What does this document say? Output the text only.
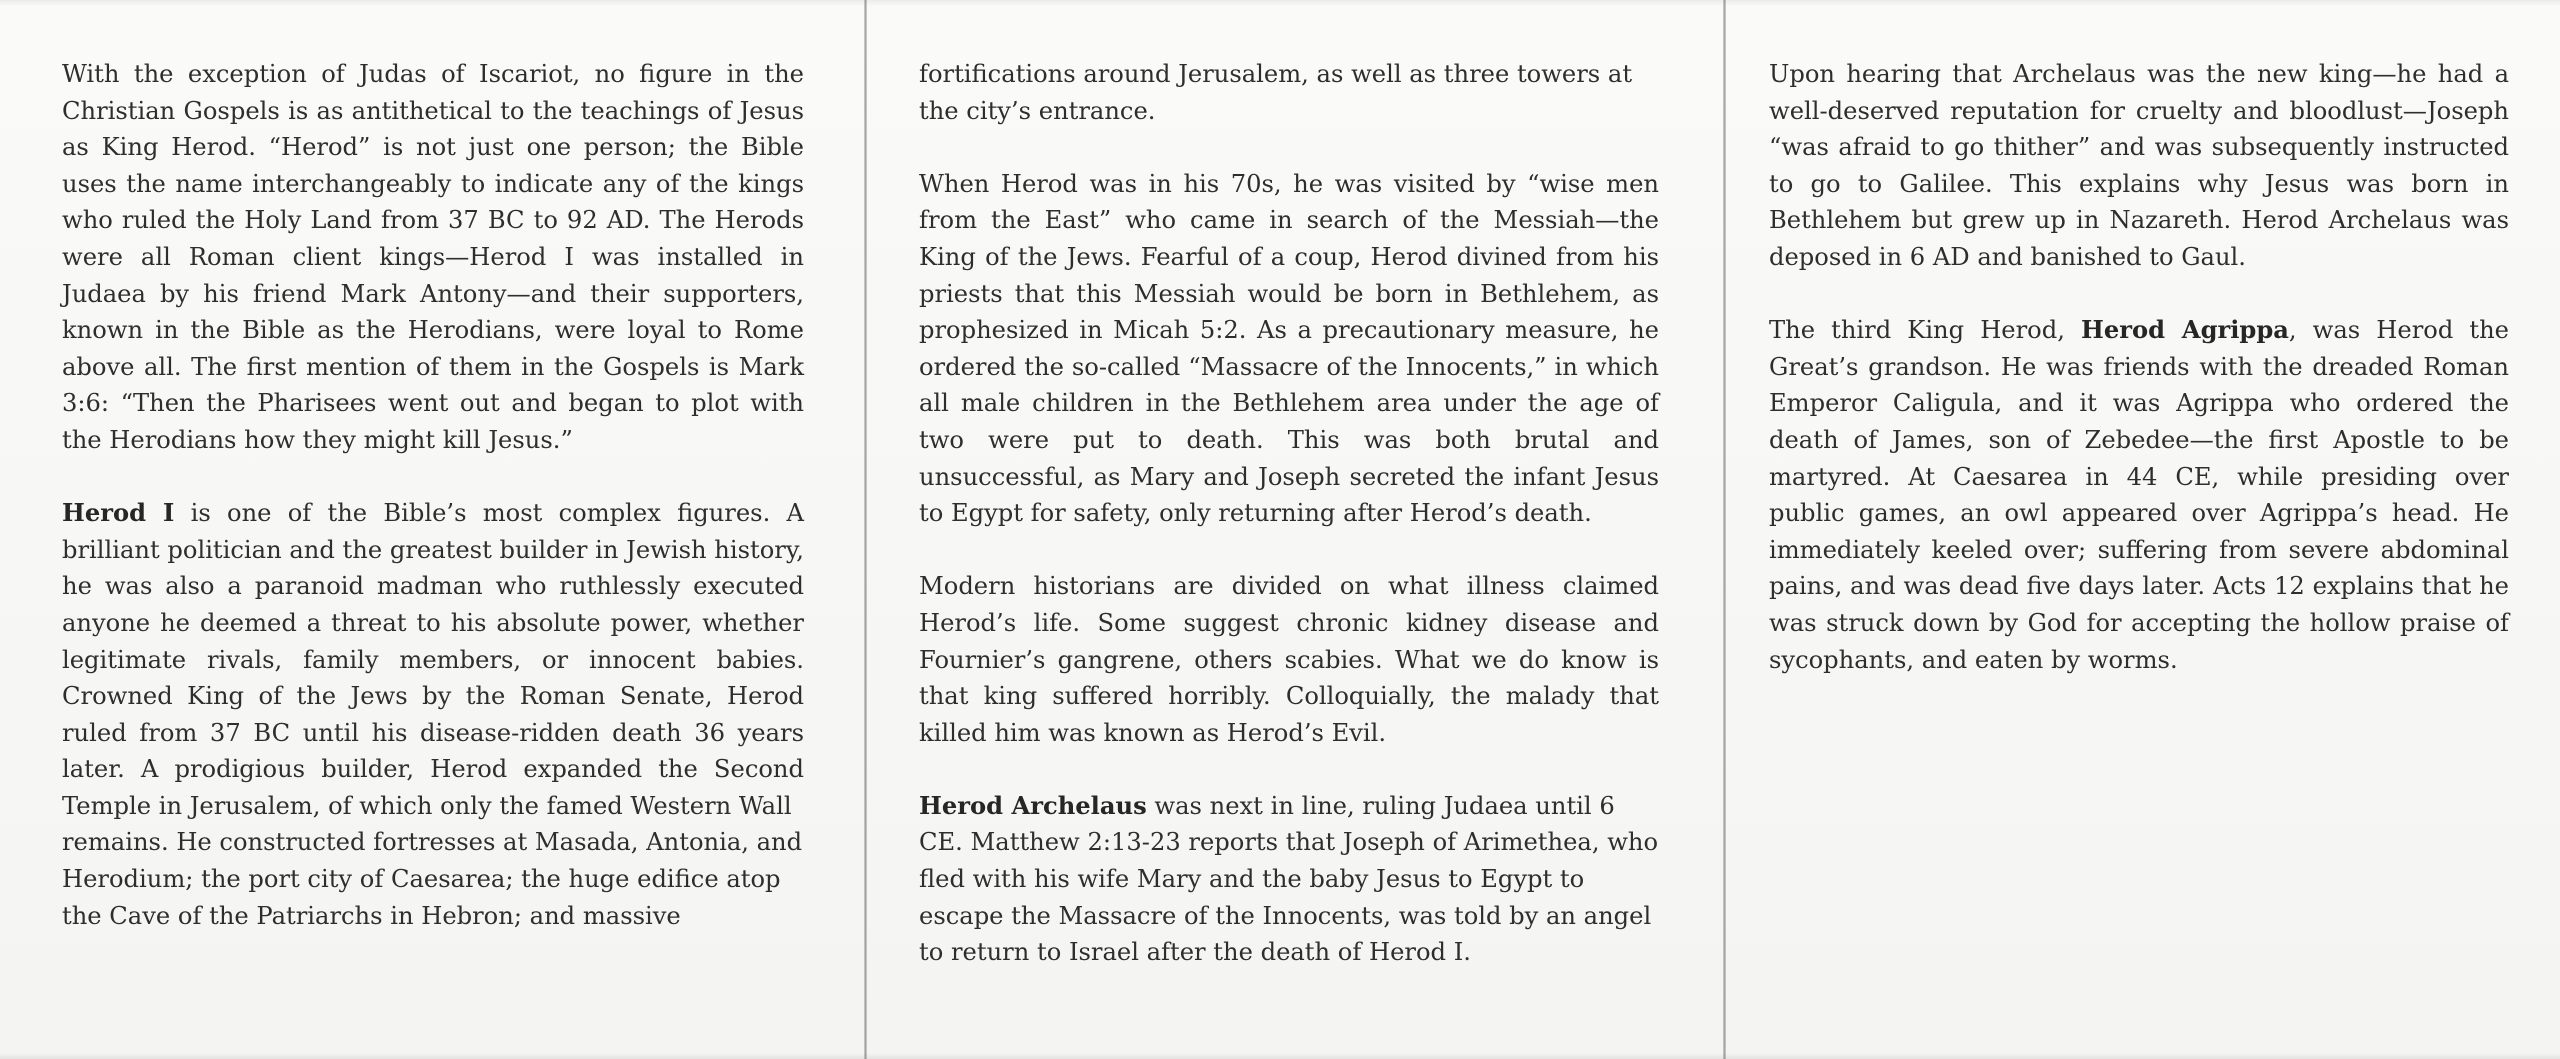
With the exception of Judas of Iscariot, no figure in the Christian Gospels is as antithetical to the teachings of Jesus as King Herod. “Herod” is not just one person; the Bible uses the name interchangeably to indicate any of the kings who ruled the Holy Land from 37 BC to 92 AD. The Herods were all Roman client kings—Herod I was installed in Judaea by his friend Mark Antony—and their supporters, known in the Bible as the Herodians, were loyal to Rome above all. The first mention of them in the Gospels is Mark 3:6: “Then the Pharisees went out and began to plot with the Herodians how they might kill Jesus.”

Herod I is one of the Bible’s most complex figures. A brilliant politician and the greatest builder in Jewish history, he was also a paranoid madman who ruthlessly executed anyone he deemed a threat to his absolute power, whether legitimate rivals, family members, or innocent babies. Crowned King of the Jews by the Roman Senate, Herod ruled from 37 BC until his disease-ridden death 36 years later. A prodigious builder, Herod expanded the Second Temple in Jerusalem, of which only the famed Western Wall

remains. He constructed fortresses at Masada, Antonia, and Herodium; the port city of Caesarea; the huge edifice atop the Cave of the Patriarchs in Hebron; and massive

fortifications around Jerusalem, as well as three towers at the city’s entrance.

When Herod was in his 70s, he was visited by “wise men from the East” who came in search of the Messiah—the King of the Jews. Fearful of a coup, Herod divined from his priests that this Messiah would be born in Bethlehem, as prophesized in Micah 5:2. As a precautionary measure, he ordered the so-called “Massacre of the Innocents,” in which all male children in the Bethlehem area under the age of two were put to death. This was both brutal and unsuccessful, as Mary and Joseph secreted the infant Jesus to Egypt for safety, only returning after Herod’s death.

Modern historians are divided on what illness claimed Herod’s life. Some suggest chronic kidney disease and Fournier’s gangrene, others scabies. What we do know is that king suffered horribly. Colloquially, the malady that killed him was known as Herod’s Evil.

Herod Archelaus was next in line, ruling Judaea until 6 CE. Matthew 2:13-23 reports that Joseph of Arimethea, who fled with his wife Mary and the baby Jesus to Egypt to escape the Massacre of the Innocents, was told by an angel to return to Israel after the death of Herod I.

Upon hearing that Archelaus was the new king—he had a well-deserved reputation for cruelty and bloodlust—Joseph “was afraid to go thither” and was subsequently instructed to go to Galilee. This explains why Jesus was born in Bethlehem but grew up in Nazareth. Herod Archelaus was deposed in 6 AD and banished to Gaul.

The third King Herod, Herod Agrippa, was Herod the Great’s grandson. He was friends with the dreaded Roman Emperor Caligula, and it was Agrippa who ordered the death of James, son of Zebedee—the first Apostle to be martyred. At Caesarea in 44 CE, while presiding over public games, an owl appeared over Agrippa’s head. He immediately keeled over; suffering from severe abdominal pains, and was dead five days later. Acts 12 explains that he was struck down by God for accepting the hollow praise of sycophants, and eaten by worms.
